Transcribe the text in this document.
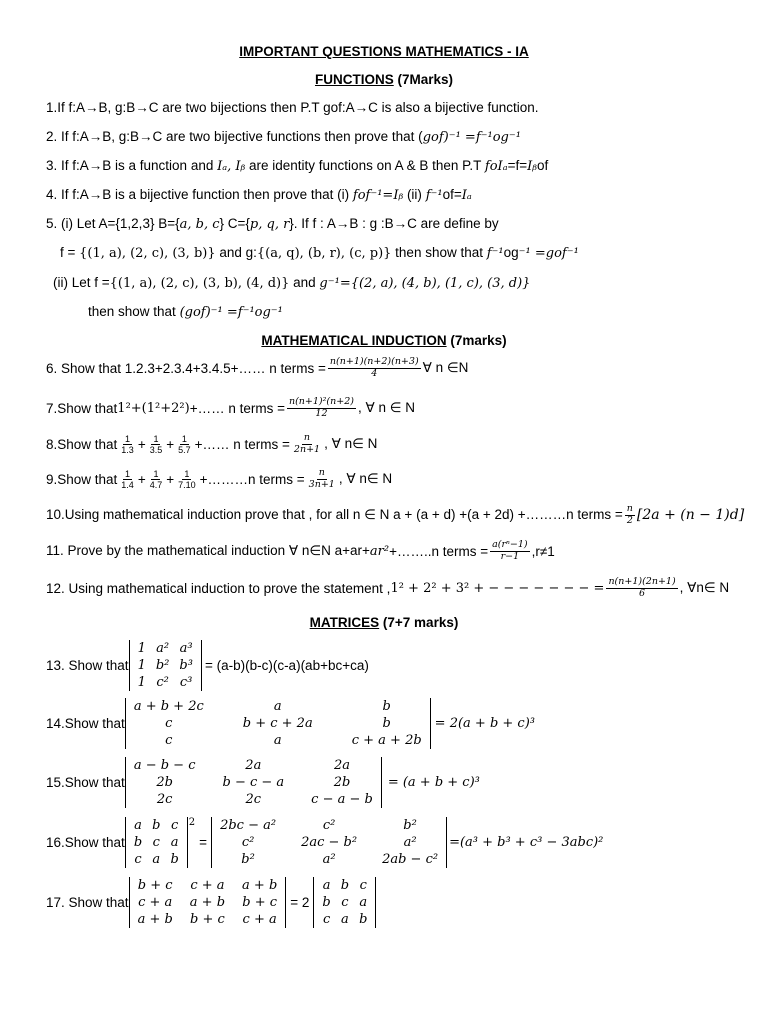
IMPORTANT QUESTIONS MATHEMATICS - IA
FUNCTIONS (7Marks)
1.If f:A→B, g:B→C are two bijections then P.T gof:A→C is also a bijective function.
2. If f:A→B, g:B→C are two bijective functions then prove that (gof)⁻¹ =f⁻¹og⁻¹
3. If f:A→B is a function and Iₐ, Iᵦ are identity functions on A & B then P.T foIₐ=f=Iᵦof
4. If f:A→B is a bijective function then prove that (i) fof⁻¹=Iᵦ (ii) f⁻¹of=Iₐ
5. (i) Let A={1,2,3} B={a, b, c} C={p, q, r}. If f : A→B : g :B→C are define by
f = {(1, a), (2, c), (3, b)} and g:{(a, q), (b, r), (c, p)} then show that f⁻¹og⁻¹ =gof⁻¹
(ii) Let f ={(1, a), (2, c), (3, b), (4, d)} and g⁻¹={(2, a), (4, b), (1, c), (3, d)}
then show that (gof)⁻¹ =f⁻¹og⁻¹
MATHEMATICAL INDUCTION (7marks)
6. Show that 1.2.3+2.3.4+3.4.5+…… n terms = $\frac{n(n+1)(n+2)(n+3)}{4}$ ∀ n ∈N
7.Show that 1²+(1²+2²) +…… n terms = $\frac{\text{n(n+1)²(n+2)}}{12}$ , ∀ n ∈ N
8.Show that $\frac{1}{1.3} + \frac{1}{3.5} + \frac{1}{5.7}$ +…… n terms = $\frac{n}{2n+1}$ , ∀ n∈ N
9.Show that $\frac{1}{1.4} + \frac{1}{4.7} + \frac{1}{7.10}$ +………n terms = $\frac{n}{3n+1}$ , ∀ n∈ N
10.Using mathematical induction prove that , for all n ∈ N a + (a + d) +(a + 2d) +………n terms = $\frac{n}{2} [2a + (n - 1)d]$
11. Prove by the mathematical induction ∀ n∈N a+ar+ ar² +……..n terms = $\frac{\text{a(rⁿ−1)}}{r-1} ,r\ne 1$
12. Using mathematical induction to prove the statement , 1² + 2² + 3² + − − − − − − − = $\frac{n(n+1)(2n+1)}{6}$ , ∀n∈ N
MATRICES (7+7 marks)
13. Show that
1	a²	a³
1	b²	b³
1	c²	c³
= (a-b)(b-c)(c-a)(ab+bc+ca)
14.Show that
a + b + 2c	a	b
c	b + c + 2a	b
c	a	c + a + 2b
= 2(a + b + c)³
15.Show that
a − b − c	2a	2a
2b	b − c − a	2b
2c	2c	c − a − b
= (a + b + c)³
16.Show that
a	b	c
b	c	a
c	a	b
2
=
2bc − a²	c²	b²
c²	2ac − b²	a²
b²	a²	2ab − c²
=(a³ + b³ + c³ − 3abc)²
17. Show that
b + c	c + a	a + b
c + a	a + b	b + c
a + b	b + c	c + a
= 2
a	b	c
b	c	a
c	a	b
